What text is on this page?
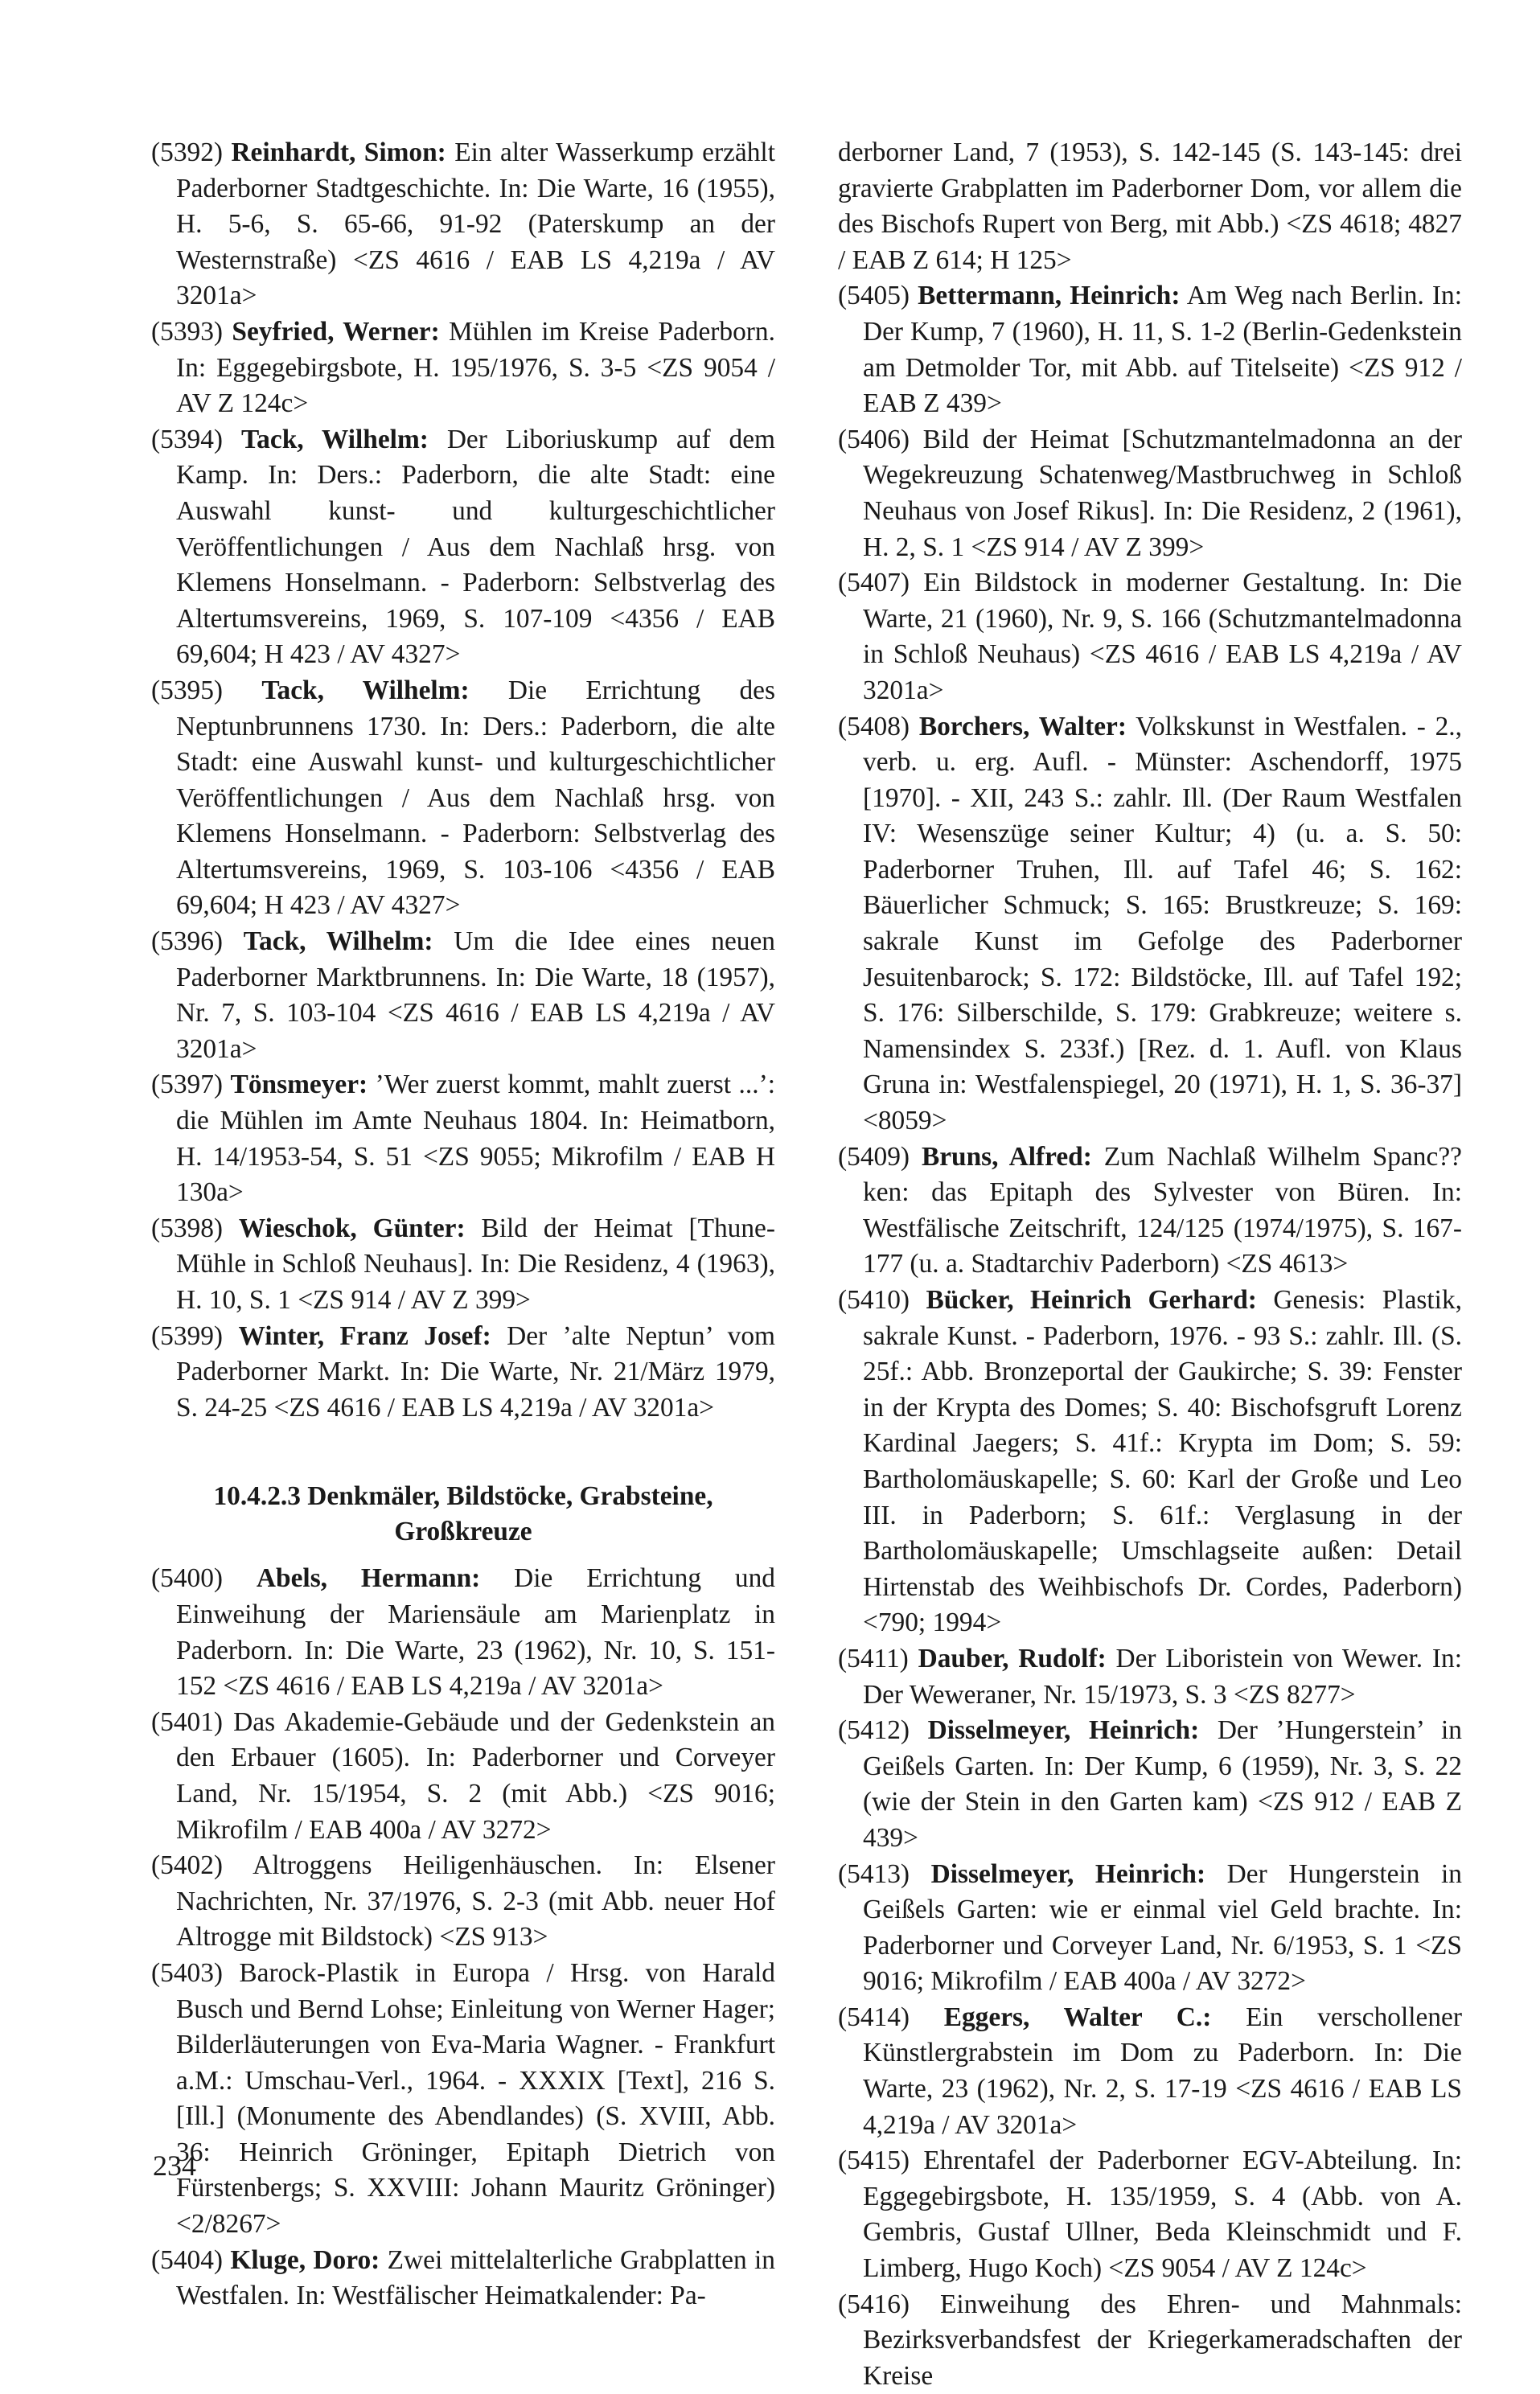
(5392) Reinhardt, Simon: Ein alter Wasserkump erzählt Paderborner Stadtgeschichte. In: Die Warte, 16 (1955), H. 5-6, S. 65-66, 91-92 (Paterskump an der Westernstraße) <ZS 4616 / EAB LS 4,219a / AV 3201a>

(5393) Seyfried, Werner: Mühlen im Kreise Paderborn. In: Eggegebirgsbote, H. 195/1976, S. 3-5 <ZS 9054 / AV Z 124c>

(5394) Tack, Wilhelm: Der Liboriuskump auf dem Kamp. In: Ders.: Paderborn, die alte Stadt: eine Auswahl kunst- und kulturgeschichtlicher Veröffentlichungen / Aus dem Nachlaß hrsg. von Klemens Honselmann. - Paderborn: Selbstverlag des Altertumsvereins, 1969, S. 107-109 <4356 / EAB 69,604; H 423 / AV 4327>

(5395) Tack, Wilhelm: Die Errichtung des Neptunbrunnens 1730. In: Ders.: Paderborn, die alte Stadt: eine Auswahl kunst- und kulturgeschichtlicher Veröffentlichungen / Aus dem Nachlaß hrsg. von Klemens Honselmann. - Paderborn: Selbstverlag des Altertumsvereins, 1969, S. 103-106 <4356 / EAB 69,604; H 423 / AV 4327>

(5396) Tack, Wilhelm: Um die Idee eines neuen Paderborner Marktbrunnens. In: Die Warte, 18 (1957), Nr. 7, S. 103-104 <ZS 4616 / EAB LS 4,219a / AV 3201a>

(5397) Tönsmeyer: ’Wer zuerst kommt, mahlt zuerst ...’: die Mühlen im Amte Neuhaus 1804. In: Heimatborn, H. 14/1953-54, S. 51 <ZS 9055; Mikrofilm / EAB H 130a>

(5398) Wieschok, Günter: Bild der Heimat [Thune-Mühle in Schloß Neuhaus]. In: Die Residenz, 4 (1963), H. 10, S. 1 <ZS 914 / AV Z 399>

(5399) Winter, Franz Josef: Der ’alte Neptun’ vom Paderborner Markt. In: Die Warte, Nr. 21/März 1979, S. 24-25 <ZS 4616 / EAB LS 4,219a / AV 3201a>

10.4.2.3 Denkmäler, Bildstöcke, Grabsteine, Großkreuze

(5400) Abels, Hermann: Die Errichtung und Einweihung der Mariensäule am Marienplatz in Paderborn. In: Die Warte, 23 (1962), Nr. 10, S. 151-152 <ZS 4616 / EAB LS 4,219a / AV 3201a>

(5401) Das Akademie-Gebäude und der Gedenkstein an den Erbauer (1605). In: Paderborner und Corveyer Land, Nr. 15/1954, S. 2 (mit Abb.) <ZS 9016; Mikrofilm / EAB 400a / AV 3272>

(5402) Altroggens Heiligenhäuschen. In: Elsener Nachrichten, Nr. 37/1976, S. 2-3 (mit Abb. neuer Hof Altrogge mit Bildstock) <ZS 913>

(5403) Barock-Plastik in Europa / Hrsg. von Harald Busch und Bernd Lohse; Einleitung von Werner Hager; Bilderläuterungen von Eva-Maria Wagner. - Frankfurt a.M.: Umschau-Verl., 1964. - XXXIX [Text], 216 S. [Ill.] (Monumente des Abendlandes) (S. XVIII, Abb. 36: Heinrich Gröninger, Epitaph Dietrich von Fürstenbergs; S. XXVIII: Johann Mauritz Gröninger) <2/8267>

(5404) Kluge, Doro: Zwei mittelalterliche Grabplatten in Westfalen. In: Westfälischer Heimatkalender: Pa-

derborner Land, 7 (1953), S. 142-145 (S. 143-145: drei gravierte Grabplatten im Paderborner Dom, vor allem die des Bischofs Rupert von Berg, mit Abb.) <ZS 4618; 4827 / EAB Z 614; H 125>

(5405) Bettermann, Heinrich: Am Weg nach Berlin. In: Der Kump, 7 (1960), H. 11, S. 1-2 (Berlin-Gedenkstein am Detmolder Tor, mit Abb. auf Titelseite) <ZS 912 / EAB Z 439>

(5406) Bild der Heimat [Schutzmantelmadonna an der Wegekreuzung Schatenweg/Mastbruchweg in Schloß Neuhaus von Josef Rikus]. In: Die Residenz, 2 (1961), H. 2, S. 1 <ZS 914 / AV Z 399>

(5407) Ein Bildstock in moderner Gestaltung. In: Die Warte, 21 (1960), Nr. 9, S. 166 (Schutzmantelmadonna in Schloß Neuhaus) <ZS 4616 / EAB LS 4,219a / AV 3201a>

(5408) Borchers, Walter: Volkskunst in Westfalen. - 2., verb. u. erg. Aufl. - Münster: Aschendorff, 1975 [1970]. - XII, 243 S.: zahlr. Ill. (Der Raum Westfalen IV: Wesenszüge seiner Kultur; 4) (u. a. S. 50: Paderborner Truhen, Ill. auf Tafel 46; S. 162: Bäuerlicher Schmuck; S. 165: Brustkreuze; S. 169: sakrale Kunst im Gefolge des Paderborner Jesuitenbarock; S. 172: Bildstöcke, Ill. auf Tafel 192; S. 176: Silberschilde, S. 179: Grabkreuze; weitere s. Namensindex S. 233f.) [Rez. d. 1. Aufl. von Klaus Gruna in: Westfalenspiegel, 20 (1971), H. 1, S. 36-37] <8059>

(5409) Bruns, Alfred: Zum Nachlaß Wilhelm Spanc??ken: das Epitaph des Sylvester von Büren. In: Westfälische Zeitschrift, 124/125 (1974/1975), S. 167-177 (u. a. Stadtarchiv Paderborn) <ZS 4613>

(5410) Bücker, Heinrich Gerhard: Genesis: Plastik, sakrale Kunst. - Paderborn, 1976. - 93 S.: zahlr. Ill. (S. 25f.: Abb. Bronzeportal der Gaukirche; S. 39: Fenster in der Krypta des Domes; S. 40: Bischofsgruft Lorenz Kardinal Jaegers; S. 41f.: Krypta im Dom; S. 59: Bartholomäuskapelle; S. 60: Karl der Große und Leo III. in Paderborn; S. 61f.: Verglasung in der Bartholomäuskapelle; Umschlagseite außen: Detail Hirtenstab des Weihbischofs Dr. Cordes, Paderborn) <790; 1994>

(5411) Dauber, Rudolf: Der Liboristein von Wewer. In: Der Weweraner, Nr. 15/1973, S. 3 <ZS 8277>

(5412) Disselmeyer, Heinrich: Der ’Hungerstein’ in Geißels Garten. In: Der Kump, 6 (1959), Nr. 3, S. 22 (wie der Stein in den Garten kam) <ZS 912 / EAB Z 439>

(5413) Disselmeyer, Heinrich: Der Hungerstein in Geißels Garten: wie er einmal viel Geld brachte. In: Paderborner und Corveyer Land, Nr. 6/1953, S. 1 <ZS 9016; Mikrofilm / EAB 400a / AV 3272>

(5414) Eggers, Walter C.: Ein verschollener Künstlergrabstein im Dom zu Paderborn. In: Die Warte, 23 (1962), Nr. 2, S. 17-19 <ZS 4616 / EAB LS 4,219a / AV 3201a>

(5415) Ehrentafel der Paderborner EGV-Abteilung. In: Eggegebirgsbote, H. 135/1959, S. 4 (Abb. von A. Gembris, Gustaf Ullner, Beda Kleinschmidt und F. Limberg, Hugo Koch) <ZS 9054 / AV Z 124c>

(5416) Einweihung des Ehren- und Mahnmals: Bezirksverbandsfest der Kriegerkameradschaften der Kreise

234
